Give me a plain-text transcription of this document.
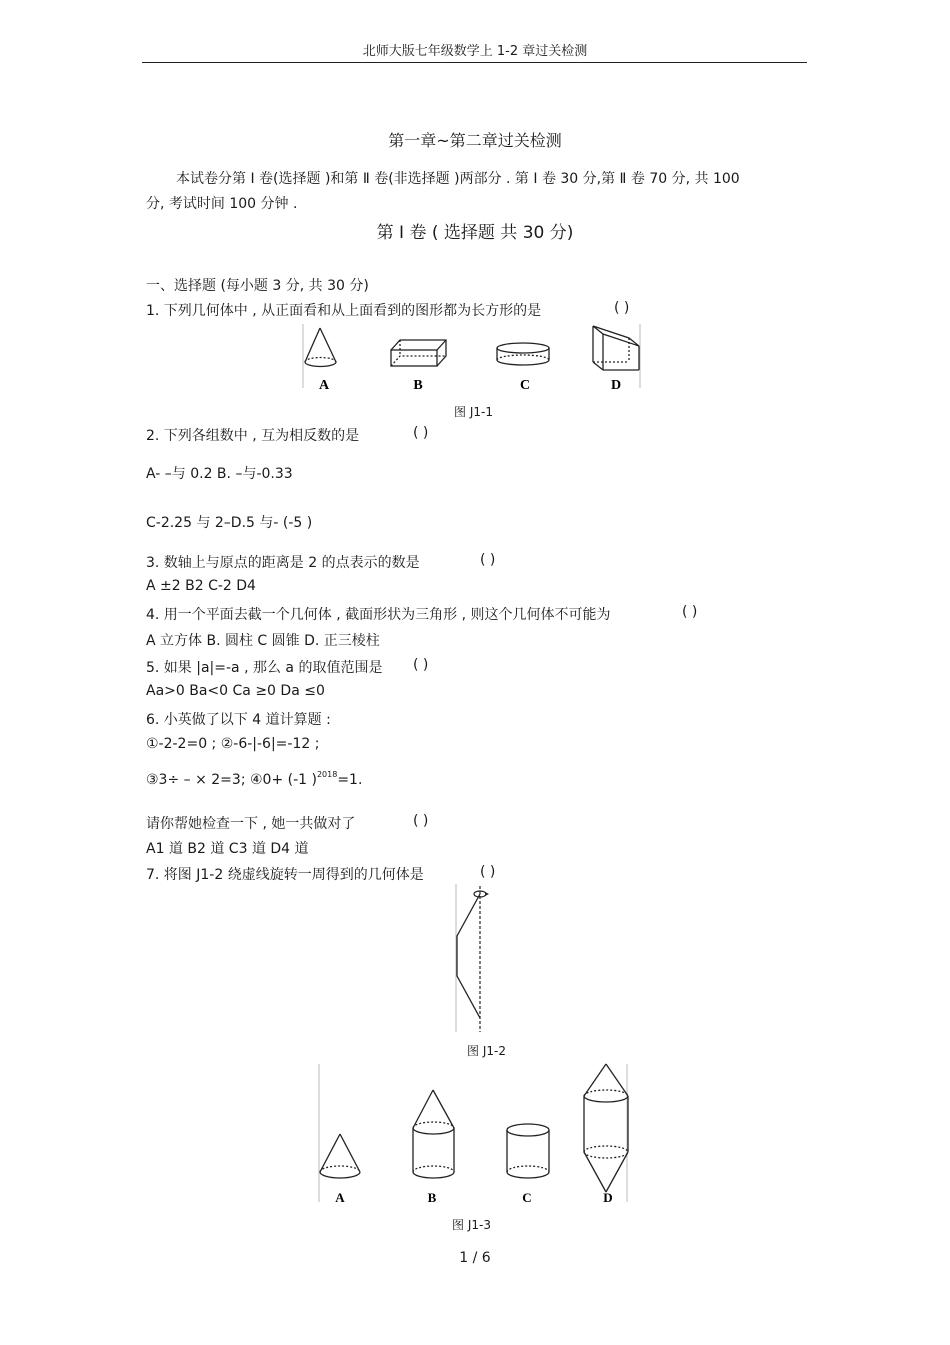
北师大版七年级数学上 1-2 章过关检测
第一章~第二章过关检测
本试卷分第 Ⅰ 卷(选择题 )和第 Ⅱ 卷(非选择题 )两部分 . 第 Ⅰ 卷 30 分,第 Ⅱ 卷 70 分, 共 100
分, 考试时间 100 分钟 .
第 Ⅰ 卷 ( 选择题 共 30 分)
一、选择题 (每小题 3 分, 共 30 分)
1. 下列几何体中 , 从正面看和从上面看到的图形都为长方形的是	( )
A	B	C	D
图 J1-1
2. 下列各组数中 , 互为相反数的是	( )
A- –与 0.2 B. –与-0.33
C-2.25 与 2–D.5 与- (-5 )
3. 数轴上与原点的距离是 2 的点表示的数是	( )
A ±2 B2 C-2 D4
4. 用一个平面去截一个几何体 , 截面形状为三角形 , 则这个几何体不可能为	( )
A 立方体 B. 圆柱 C 圆锥 D. 正三棱柱
5. 如果 |a|=-a , 那么 a 的取值范围是 ( )
Aa>0 Ba<0 Ca ≥0 Da ≤0
6. 小英做了以下 4 道计算题 :
①-2-2=0 ; ②-6-|-6|=-12 ;
③3÷ – × 2=3; ④0+ (-1 )$^{2018}$=1.
请你帮她检查一下 , 她一共做对了	( )
A1 道 B2 道 C3 道 D4 道
7. 将图 J1-2 绕虚线旋转一周得到的几何体是	( )
图 J1-2
A	B	C	D
图 J1-3
1 / 6
